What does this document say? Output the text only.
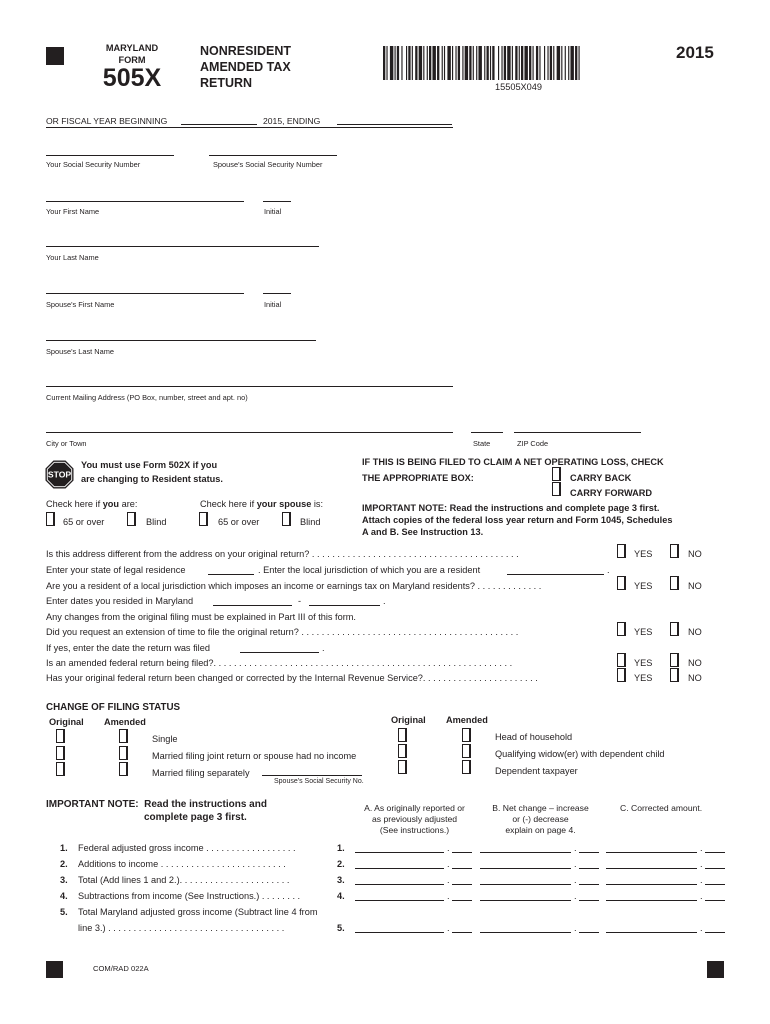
MARYLAND
FORM
505X
NONRESIDENT
AMENDED TAX
RETURN	15505X049
2015
OR FISCAL YEAR BEGINNING	2015, ENDING
Your Social Security Number	Spouse's Social Security Number
Your First Name	Initial
Your Last Name
Spouse's First Name	Initial
Spouse's Last Name
Current Mailing Address (PO Box, number, street and apt. no)
City or Town	State	ZIP Code
STOP
You must use Form 502X if you
are changing to Resident status.
Check here if you are:
65 or over	Blind
Check here if your spouse is:
65 or over	Blind
IF THIS IS BEING FILED TO CLAIM A NET OPERATING LOSS, CHECK
THE APPROPRIATE BOX:	CARRY BACK
CARRY FORWARD
IMPORTANT NOTE: Read the instructions and complete page 3 first.
Attach copies of the federal loss year return and Form 1045, Schedules
A and B. See Instruction 13.
Is this address different from the address on your original return? . . . . . . . . . . . . . . . . . . . . . . . . . . . . . . . . . . . . . . . . .	YES	NO
Enter your state of legal residence	. Enter the local jurisdiction of which you are a resident	.
Are you a resident of a local jurisdiction which imposes an income or earnings tax on Maryland residents? . . . . . . . . . . . . .	YES	NO
Enter dates you resided in Maryland	-	.
Any changes from the original filing must be explained in Part III of this form.
Did you request an extension of time to file the original return? . . . . . . . . . . . . . . . . . . . . . . . . . . . . . . . . . . . . . . . . . . .	YES	NO
If yes, enter the date the return was filed	.
Is an amended federal return being filed?. . . . . . . . . . . . . . . . . . . . . . . . . . . . . . . . . . . . . . . . . . . . . . . . . . . . . . . . . . .	YES	NO
Has your original federal return been changed or corrected by the Internal Revenue Service?. . . . . . . . . . . . . . . . . . . . . . .	YES	NO
CHANGE OF FILING STATUS
Original Amended	Original Amended
Single
Married filing joint return or spouse had no income
Married filing separately
Spouse's Social Security No.
Head of household
Qualifying widow(er) with dependent child
Dependent taxpayer
IMPORTANT NOTE:  Read the instructions and
complete page 3 first.
A. As originally reported or
as previously adjusted
(See instructions.)
B. Net change – increase
or (-) decrease
explain on page 4.
C. Corrected amount.
1. Federal adjusted gross income . . . . . . . . . . . . . . . . . .	1.	.	.	.
2. Additions to income . . . . . . . . . . . . . . . . . . . . . . . . .	2.	.	.	.
3. Total (Add lines 1 and 2.). . . . . . . . . . . . . . . . . . . . . .	3.	.	.	.
4. Subtractions from income (See Instructions.) . . . . . . . .	4.	.	.	.
5. Total Maryland adjusted gross income (Subtract line 4 from
line 3.) . . . . . . . . . . . . . . . . . . . . . . . . . . . . . . . . . . .	5.	.	.	.
COM/RAD 022A
